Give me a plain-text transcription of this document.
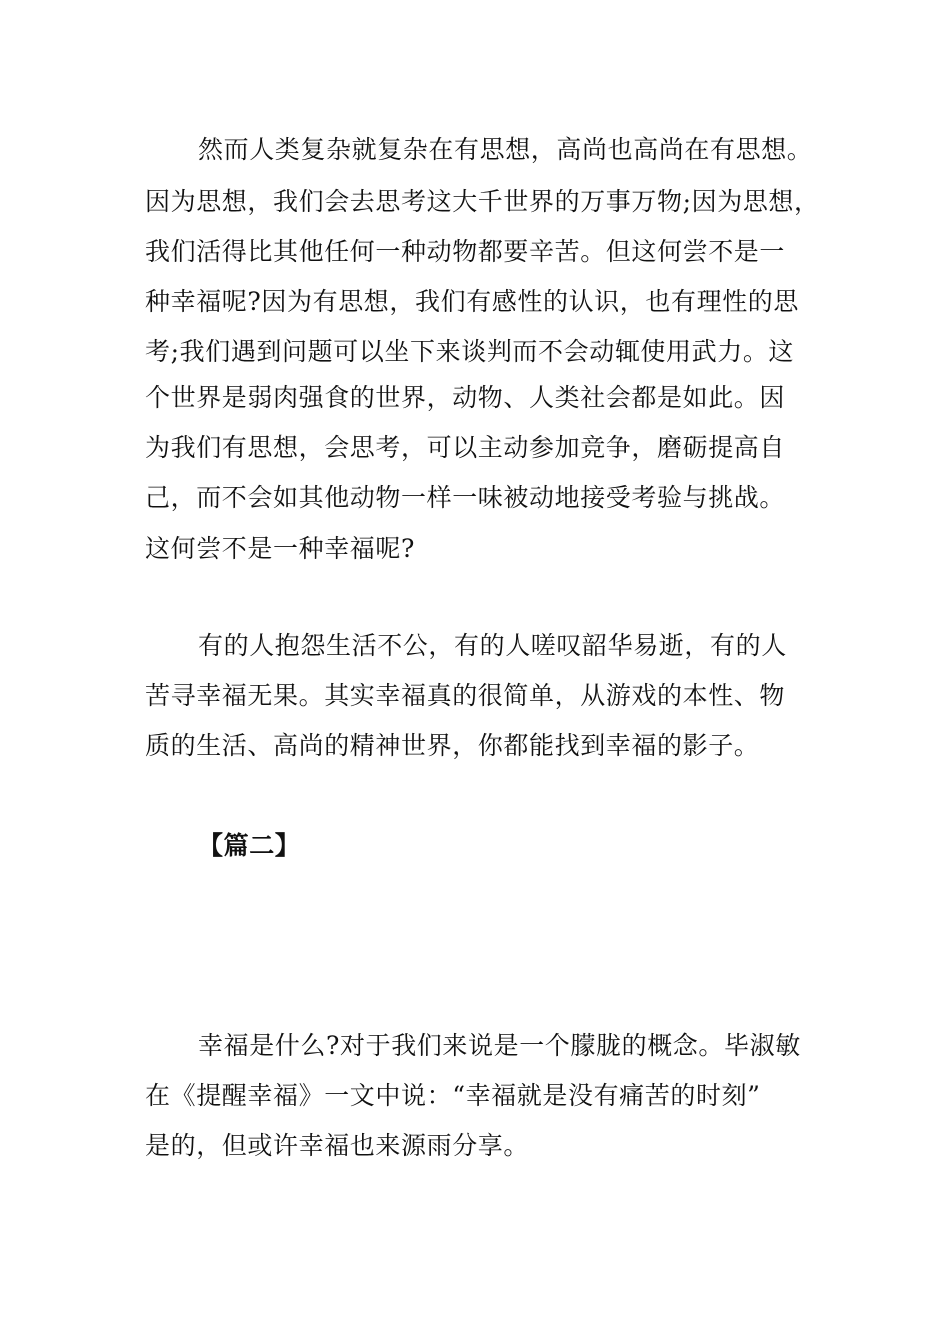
然而人类复杂就复杂在有思想，高尚也高尚在有思想。
因为思想，我们会去思考这大千世界的万事万物;因为思想，
我们活得比其他任何一种动物都要辛苦。但这何尝不是一
种幸福呢?因为有思想，我们有感性的认识，也有理性的思
考;我们遇到问题可以坐下来谈判而不会动辄使用武力。这
个世界是弱肉强食的世界，动物、人类社会都是如此。因
为我们有思想，会思考，可以主动参加竞争，磨砺提高自
己，而不会如其他动物一样一味被动地接受考验与挑战。
这何尝不是一种幸福呢?
有的人抱怨生活不公，有的人嗟叹韶华易逝，有的人
苦寻幸福无果。其实幸福真的很简单，从游戏的本性、物
质的生活、高尚的精神世界，你都能找到幸福的影子。
【篇二】
幸福是什么?对于我们来说是一个朦胧的概念。毕淑敏
在《提醒幸福》一文中说：“幸福就是没有痛苦的时刻”
是的，但或许幸福也来源雨分享。
